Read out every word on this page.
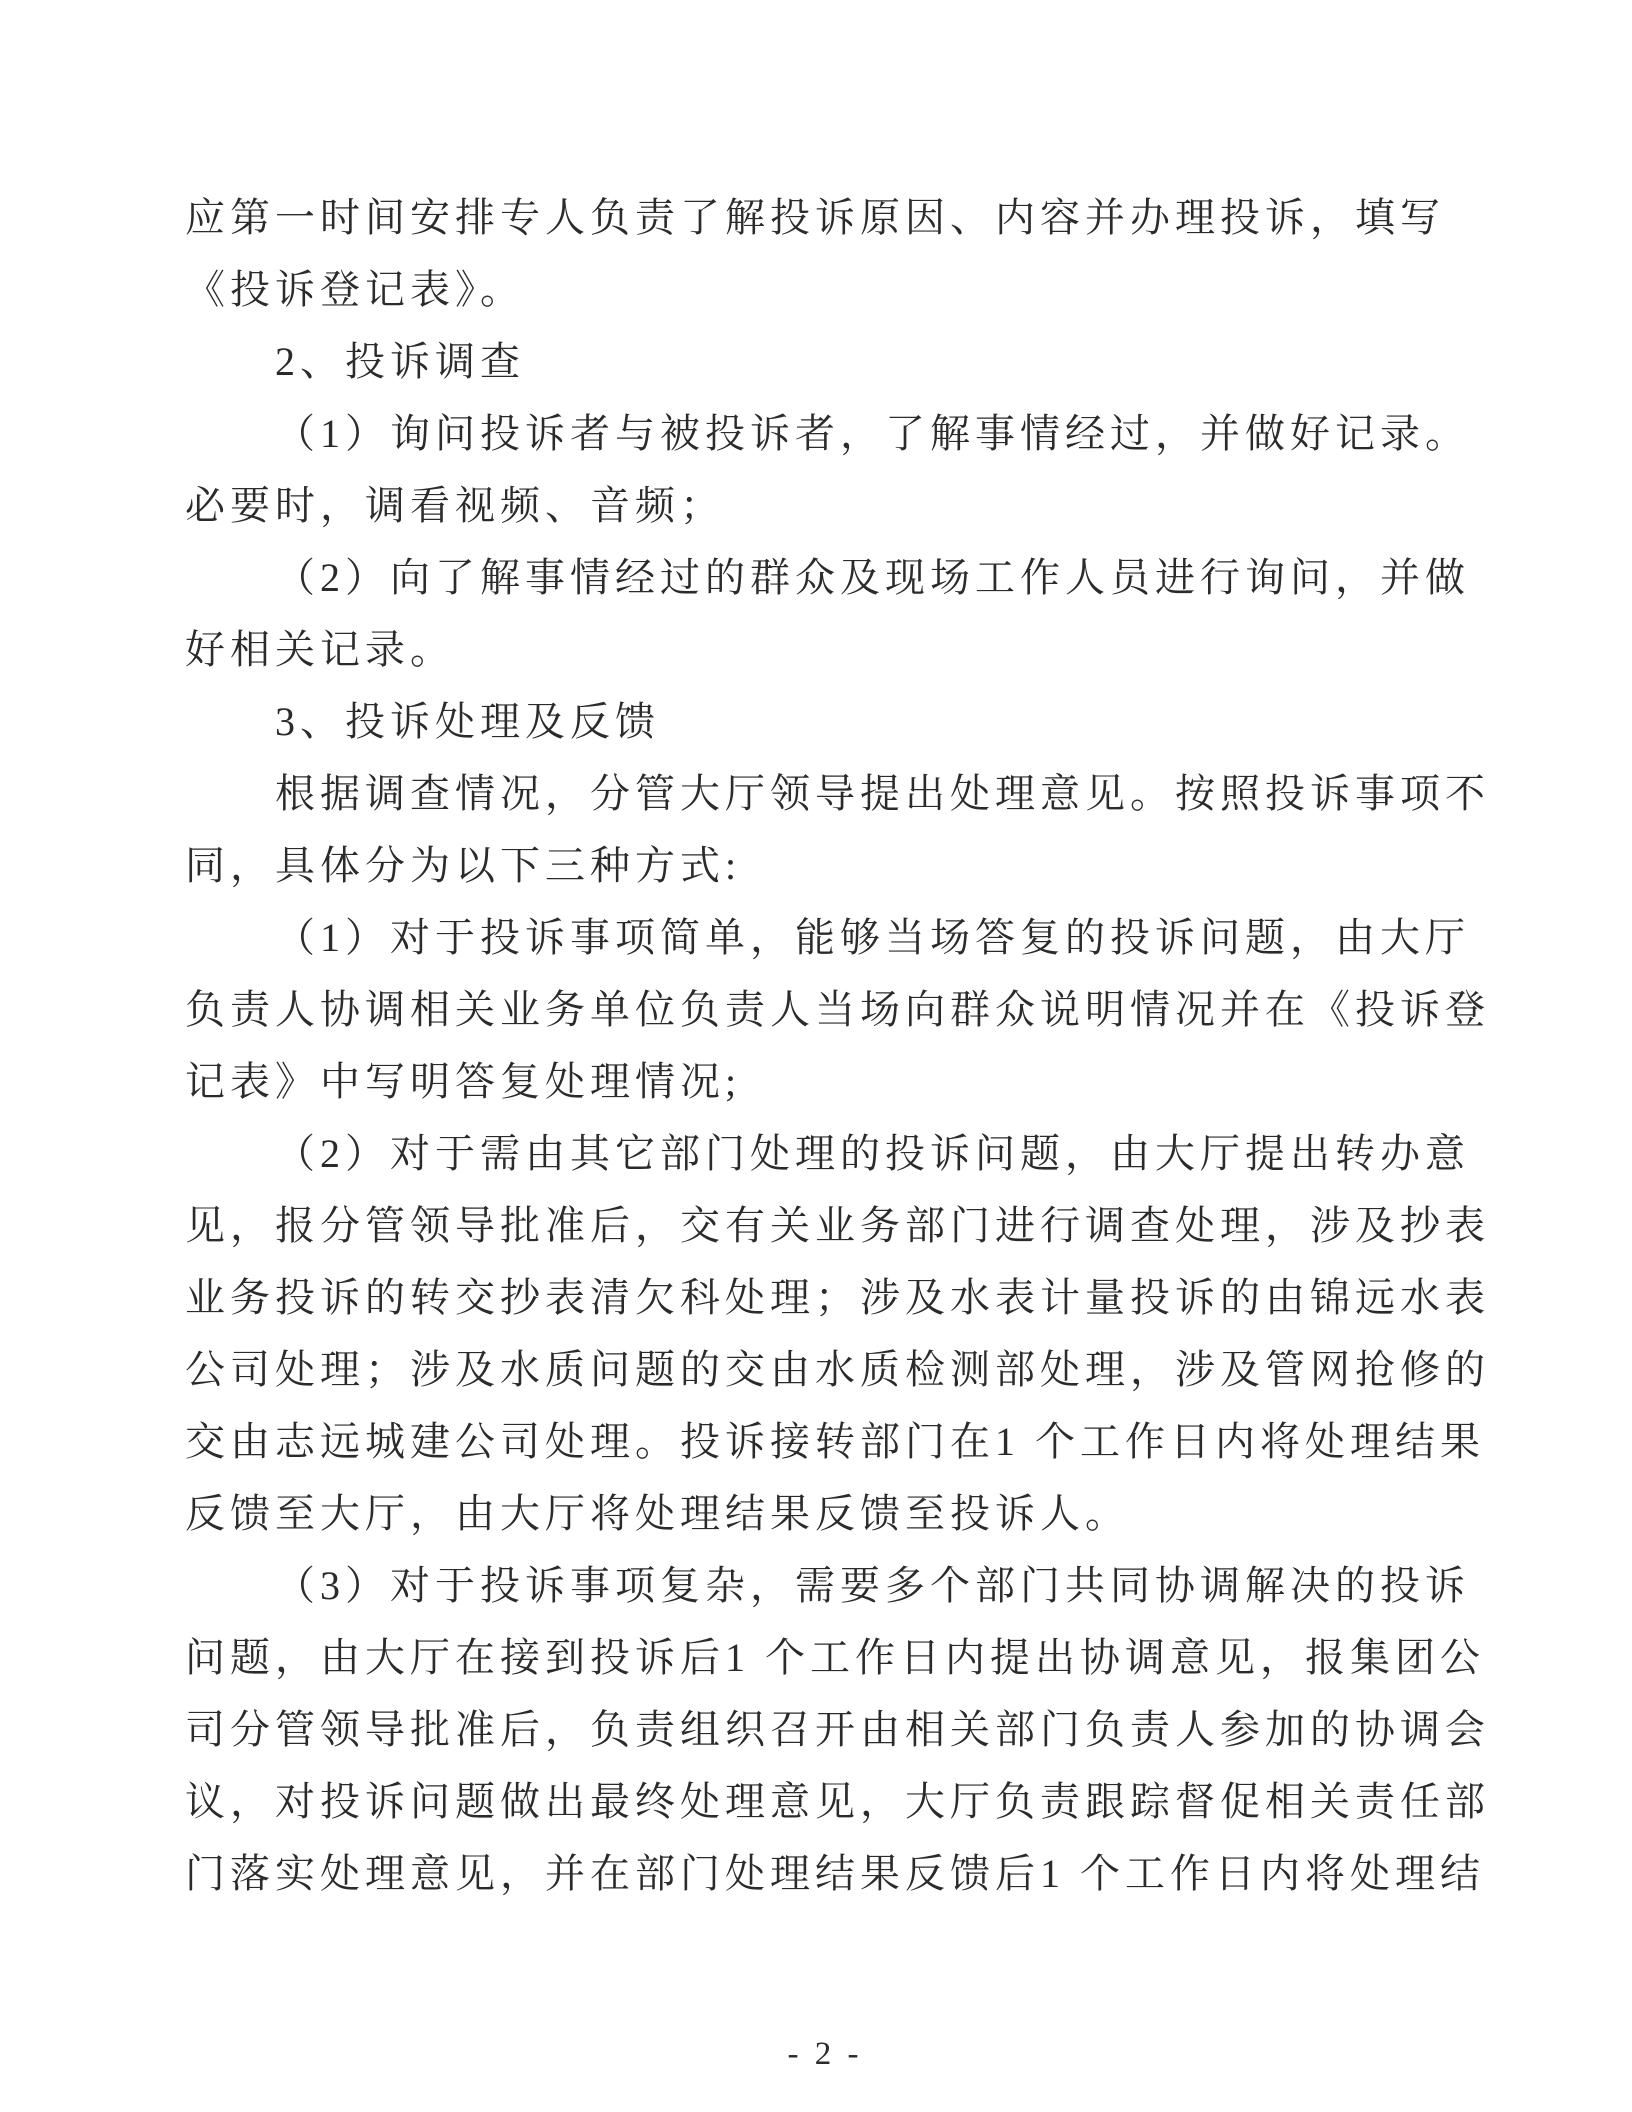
应第一时间安排专人负责了解投诉原因、内容并办理投诉，填写
《投诉登记表》。
2、投诉调查
（1）询问投诉者与被投诉者，了解事情经过，并做好记录。
必要时，调看视频、音频；
（2）向了解事情经过的群众及现场工作人员进行询问，并做
好相关记录。
3、投诉处理及反馈
根据调查情况，分管大厅领导提出处理意见。按照投诉事项不
同，具体分为以下三种方式:
（1）对于投诉事项简单，能够当场答复的投诉问题，由大厅
负责人协调相关业务单位负责人当场向群众说明情况并在《投诉登
记表》中写明答复处理情况;
（2）对于需由其它部门处理的投诉问题，由大厅提出转办意
见，报分管领导批准后，交有关业务部门进行调查处理，涉及抄表
业务投诉的转交抄表清欠科处理；涉及水表计量投诉的由锦远水表
公司处理；涉及水质问题的交由水质检测部处理，涉及管网抢修的
交由志远城建公司处理。投诉接转部门在1 个工作日内将处理结果
反馈至大厅，由大厅将处理结果反馈至投诉人。
（3）对于投诉事项复杂，需要多个部门共同协调解决的投诉
问题，由大厅在接到投诉后1 个工作日内提出协调意见，报集团公
司分管领导批准后，负责组织召开由相关部门负责人参加的协调会
议，对投诉问题做出最终处理意见，大厅负责跟踪督促相关责任部
门落实处理意见，并在部门处理结果反馈后1 个工作日内将处理结
- 2 -
